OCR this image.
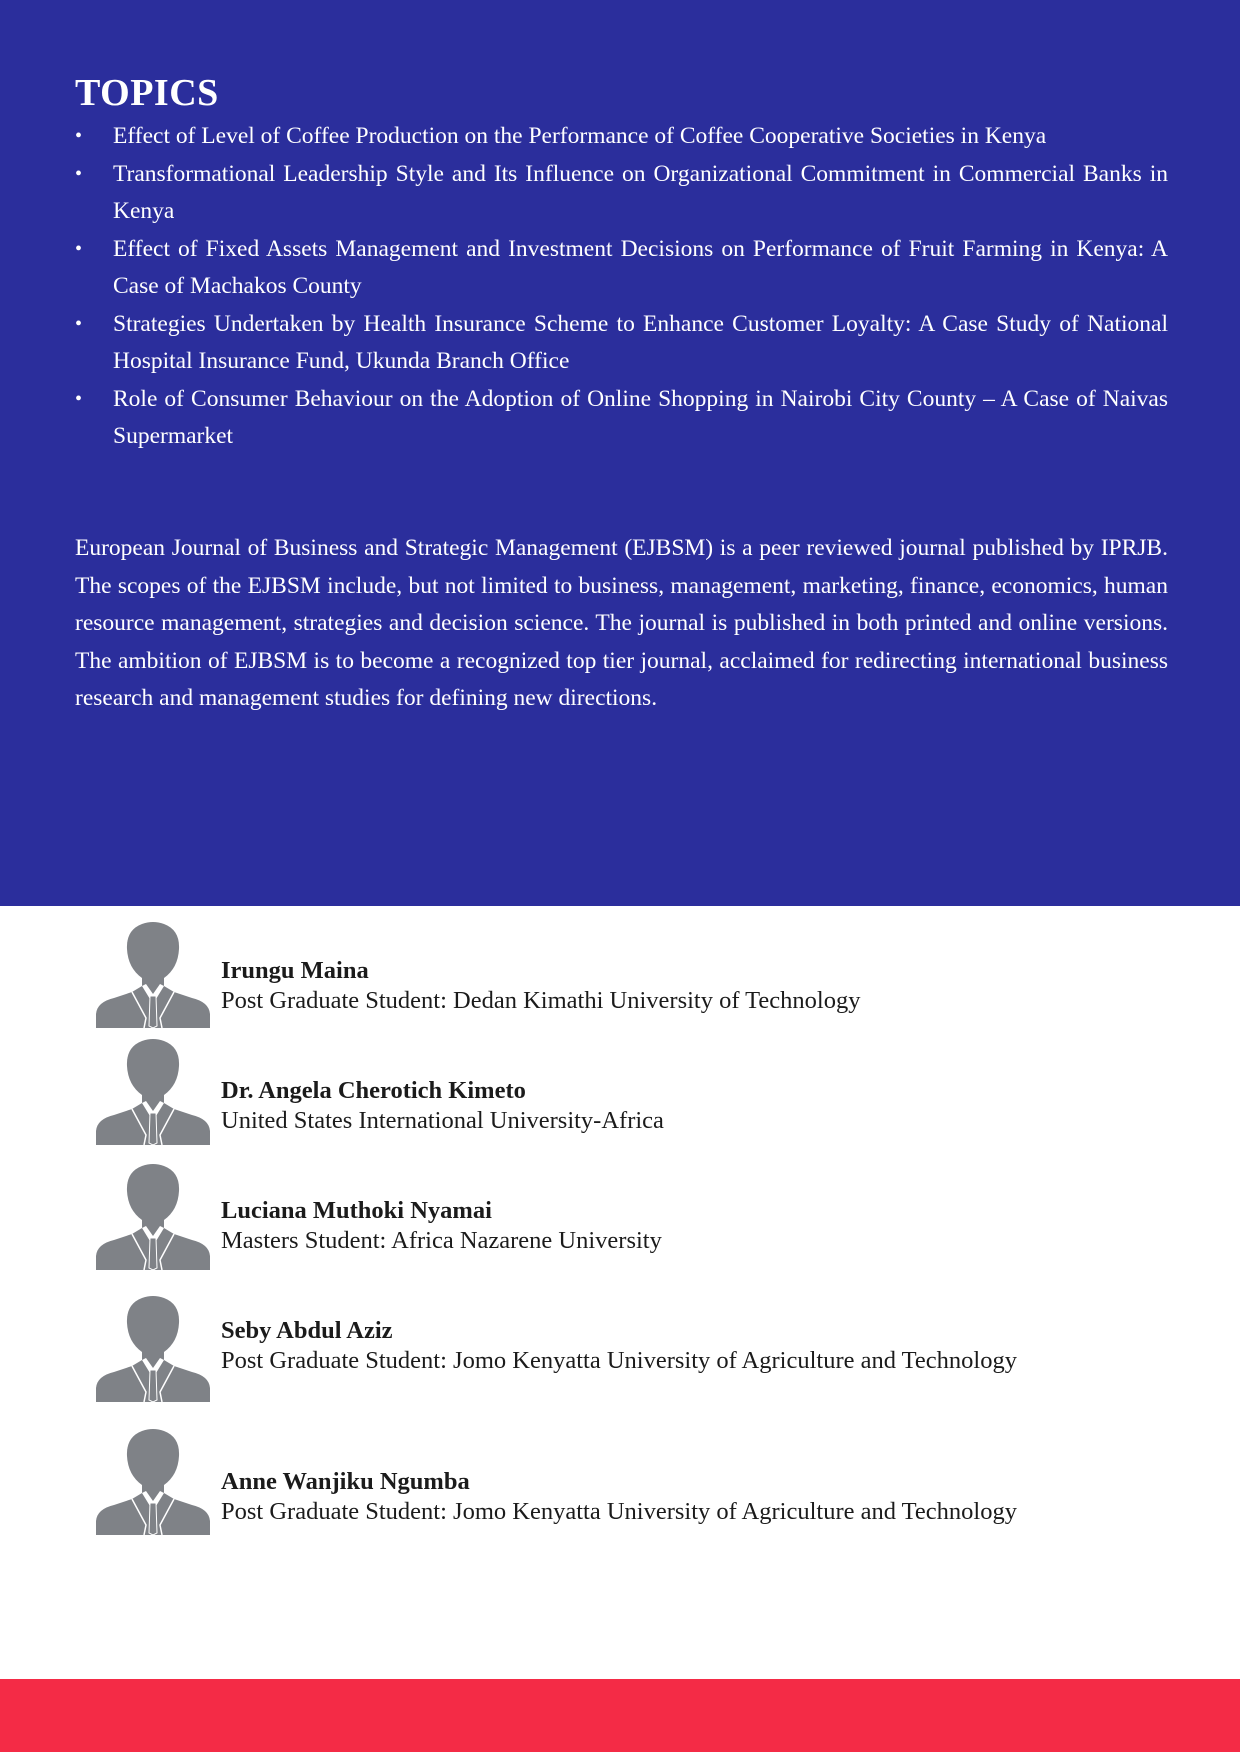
TOPICS
• Effect of Level of Coffee Production on the Performance of Coffee Cooperative Societies in Kenya
• Transformational Leadership Style and Its Influence on Organizational Commitment in Commercial Banks in Kenya
• Effect of Fixed Assets Management and Investment Decisions on Performance of Fruit Farming in Kenya: A Case of Machakos County
• Strategies Undertaken by Health Insurance Scheme to Enhance Customer Loyalty: A Case Study of National Hospital Insurance Fund, Ukunda Branch Office
• Role of Consumer Behaviour on the Adoption of Online Shopping in Nairobi City County – A Case of Naivas Supermarket

European Journal of Business and Strategic Management (EJBSM) is a peer reviewed journal published by IPRJB. The scopes of the EJBSM include, but not limited to business, management, marketing, finance, economics, human resource management, strategies and decision science. The journal is published in both printed and online versions. The ambition of EJBSM is to become a recognized top tier journal, acclaimed for redirecting international business research and management studies for defining new directions.

Irungu Maina
Post Graduate Student: Dedan Kimathi University of Technology
Dr. Angela Cherotich Kimeto
United States International University-Africa
Luciana Muthoki Nyamai
Masters Student: Africa Nazarene University
Seby Abdul Aziz
Post Graduate Student: Jomo Kenyatta University of Agriculture and Technology
Anne Wanjiku Ngumba
Post Graduate Student: Jomo Kenyatta University of Agriculture and Technology
